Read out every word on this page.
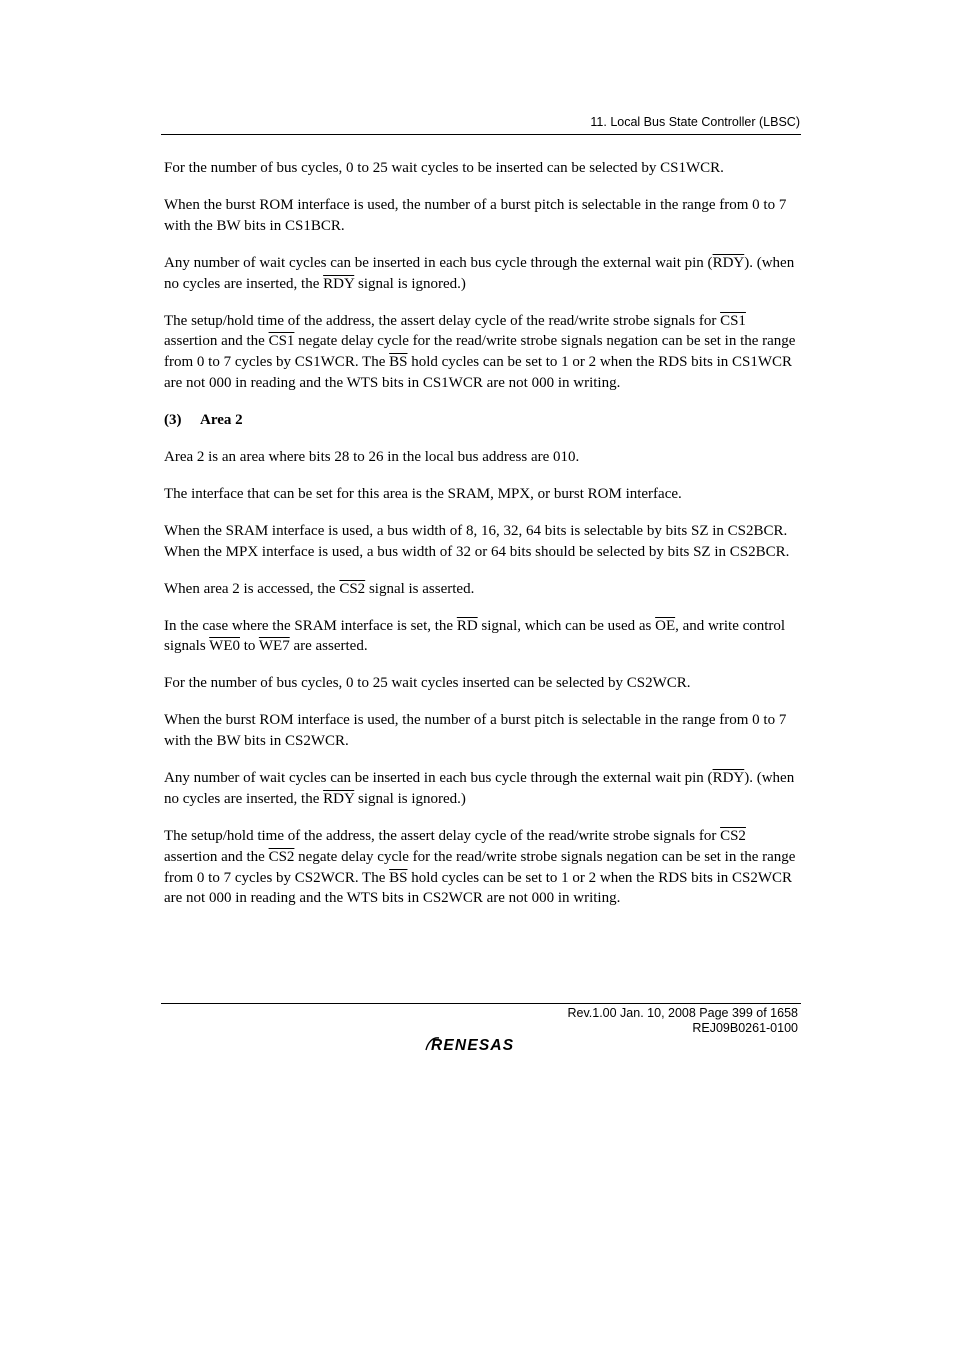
11. Local Bus State Controller (LBSC)

For the number of bus cycles, 0 to 25 wait cycles to be inserted can be selected by CS1WCR.

When the burst ROM interface is used, the number of a burst pitch is selectable in the range from 0 to 7 with the BW bits in CS1BCR.

Any number of wait cycles can be inserted in each bus cycle through the external wait pin $(\overline{RDY})$. (when no cycles are inserted, the $\overline{RDY}$ signal is ignored.)

The setup/hold time of the address, the assert delay cycle of the read/write strobe signals for CS1 assertion and the CS1 negate delay cycle for the read/write strobe signals negation can be set in the range from 0 to 7 cycles by CS1WCR. The $\overline{BS}$ hold cycles can be set to 1 or 2 when the RDS bits in CS1WCR are not 000 in reading and the WTS bits in CS1WCR are not 000 in writing.

(3) Area 2

Area 2 is an area where bits 28 to 26 in the local bus address are 010.

The interface that can be set for this area is the SRAM, MPX, or burst ROM interface.

When the SRAM interface is used, a bus width of 8, 16, 32, 64 bits is selectable by bits SZ in CS2BCR. When the MPX interface is used, a bus width of 32 or 64 bits should be selected by bits SZ in CS2BCR.

When area 2 is accessed, the CS2 signal is asserted.

In the case where the SRAM interface is set, the $\overline{RD}$ signal, which can be used as $\overline{OE}$, and write control signals WE0 to WE7 are asserted.

For the number of bus cycles, 0 to 25 wait cycles inserted can be selected by CS2WCR.

When the burst ROM interface is used, the number of a burst pitch is selectable in the range from 0 to 7 with the BW bits in CS2WCR.

Any number of wait cycles can be inserted in each bus cycle through the external wait pin $(\overline{RDY})$. (when no cycles are inserted, the $\overline{RDY}$ signal is ignored.)

The setup/hold time of the address, the assert delay cycle of the read/write strobe signals for CS2 assertion and the CS2 negate delay cycle for the read/write strobe signals negation can be set in the range from 0 to 7 cycles by CS2WCR. The $\overline{BS}$ hold cycles can be set to 1 or 2 when the RDS bits in CS2WCR are not 000 in reading and the WTS bits in CS2WCR are not 000 in writing.

Rev.1.00 Jan. 10, 2008 Page 399 of 1658
REJ09B0261-0100
RENESAS
